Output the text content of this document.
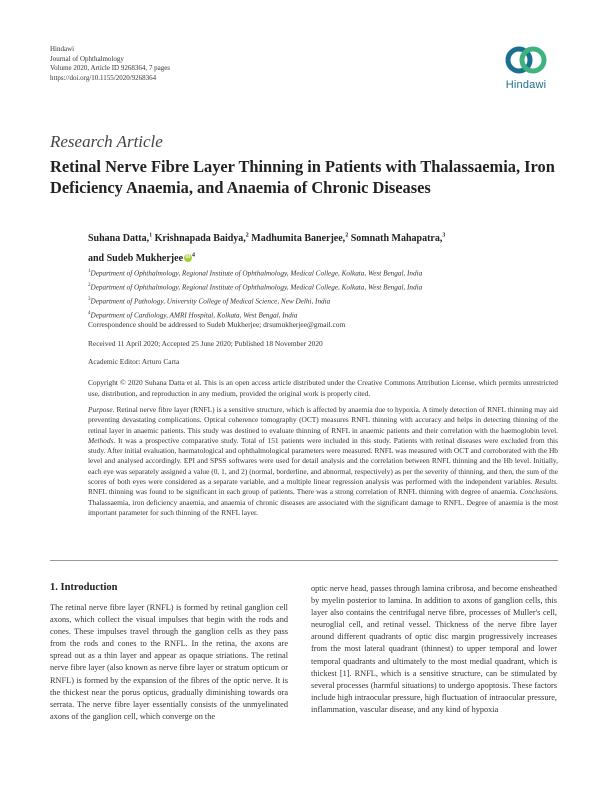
Hindawi
Journal of Ophthalmology
Volume 2020, Article ID 9268364, 7 pages
https://doi.org/10.1155/2020/9268364
Hindawi
Research Article
Retinal Nerve Fibre Layer Thinning in Patients with Thalassaemia, Iron Deficiency Anaemia, and Anaemia of Chronic Diseases
Suhana Datta,$^1$ Krishnapada Baidya,$^2$ Madhumita Banerjee,$^2$ Somnath Mahapatra,$^3$
and Sudeb Mukherjee iD $^4$
$^1$Department of Ophthalmology, Regional Institute of Ophthalmology, Medical College, Kolkata, West Bengal, India
$^2$Department of Ophthalmology, Regional Institute of Ophthalmology, Medical College, Kolkata, West Bengal, India
$^3$Department of Pathology, University College of Medical Science, New Delhi, India
$^4$Department of Cardiology, AMRI Hospital, Kolkata, West Bengal, India
Correspondence should be addressed to Sudeb Mukherjee; drsumukherjee@gmail.com
Received 11 April 2020; Accepted 25 June 2020; Published 18 November 2020
Academic Editor: Arturo Carta
Copyright © 2020 Suhana Datta et al. This is an open access article distributed under the Creative Commons Attribution License, which permits unrestricted use, distribution, and reproduction in any medium, provided the original work is properly cited.
Purpose. Retinal nerve fibre layer (RNFL) is a sensitive structure, which is affected by anaemia due to hypoxia. A timely detection of RNFL thinning may aid preventing devastating complications. Optical coherence tomography (OCT) measures RNFL thinning with accuracy and helps in detecting thinning of the retinal layer in anaemic patients. This study was destined to evaluate thinning of RNFL in anaemic patients and their correlation with the haemoglobin level. Methods. It was a prospective comparative study. Total of 151 patients were included in this study. Patients with retinal diseases were excluded from this study. After initial evaluation, haematological and ophthalmological parameters were measured. RNFL was measured with OCT and corroborated with the Hb level and analysed accordingly. EPI and SPSS softwares were used for detail analysis and the correlation between RNFL thinning and the Hb level. Initially, each eye was separately assigned a value (0, 1, and 2) (normal, borderline, and abnormal, respectively) as per the severity of thinning, and then, the sum of the scores of both eyes were considered as a separate variable, and a multiple linear regression analysis was performed with the independent variables. Results. RNFL thinning was found to be significant in each group of patients. There was a strong correlation of RNFL thinning with degree of anaemia. Conclusions. Thalassaemia, iron deficiency anaemia, and anaemia of chronic diseases are associated with the significant damage to RNFL. Degree of anaemia is the most important parameter for such thinning of the RNFL layer.
1. Introduction

The retinal nerve fibre layer (RNFL) is formed by retinal ganglion cell axons, which collect the visual impulses that begin with the rods and cones. These impulses travel through the ganglion cells as they pass from the rods and cones to the RNFL. In the retina, the axons are spread out as a thin layer and appear as opaque striations. The retinal nerve fibre layer (also known as nerve fibre layer or stratum opticum or RNFL) is formed by the expansion of the fibres of the optic nerve. It is the thickest near the porus opticus, gradually diminishing towards ora serrata. The nerve fibre layer essentially consists of the unmyelinated axons of the ganglion cell, which converge on the

optic nerve head, passes through lamina cribrosa, and become ensheathed by myelin posterior to lamina. In addition to axons of ganglion cells, this layer also contains the centrifugal nerve fibre, processes of Muller's cell, neuroglial cell, and retinal vessel. Thickness of the nerve fibre layer around different quadrants of optic disc margin progressively increases from the most lateral quadrant (thinnest) to upper temporal and lower temporal quadrants and ultimately to the most medial quadrant, which is thickest [1]. RNFL, which is a sensitive structure, can be stimulated by several processes (harmful situations) to undergo apoptosis. These factors include high intraocular pressure, high fluctuation of intraocular pressure, inflammation, vascular disease, and any kind of hypoxia
